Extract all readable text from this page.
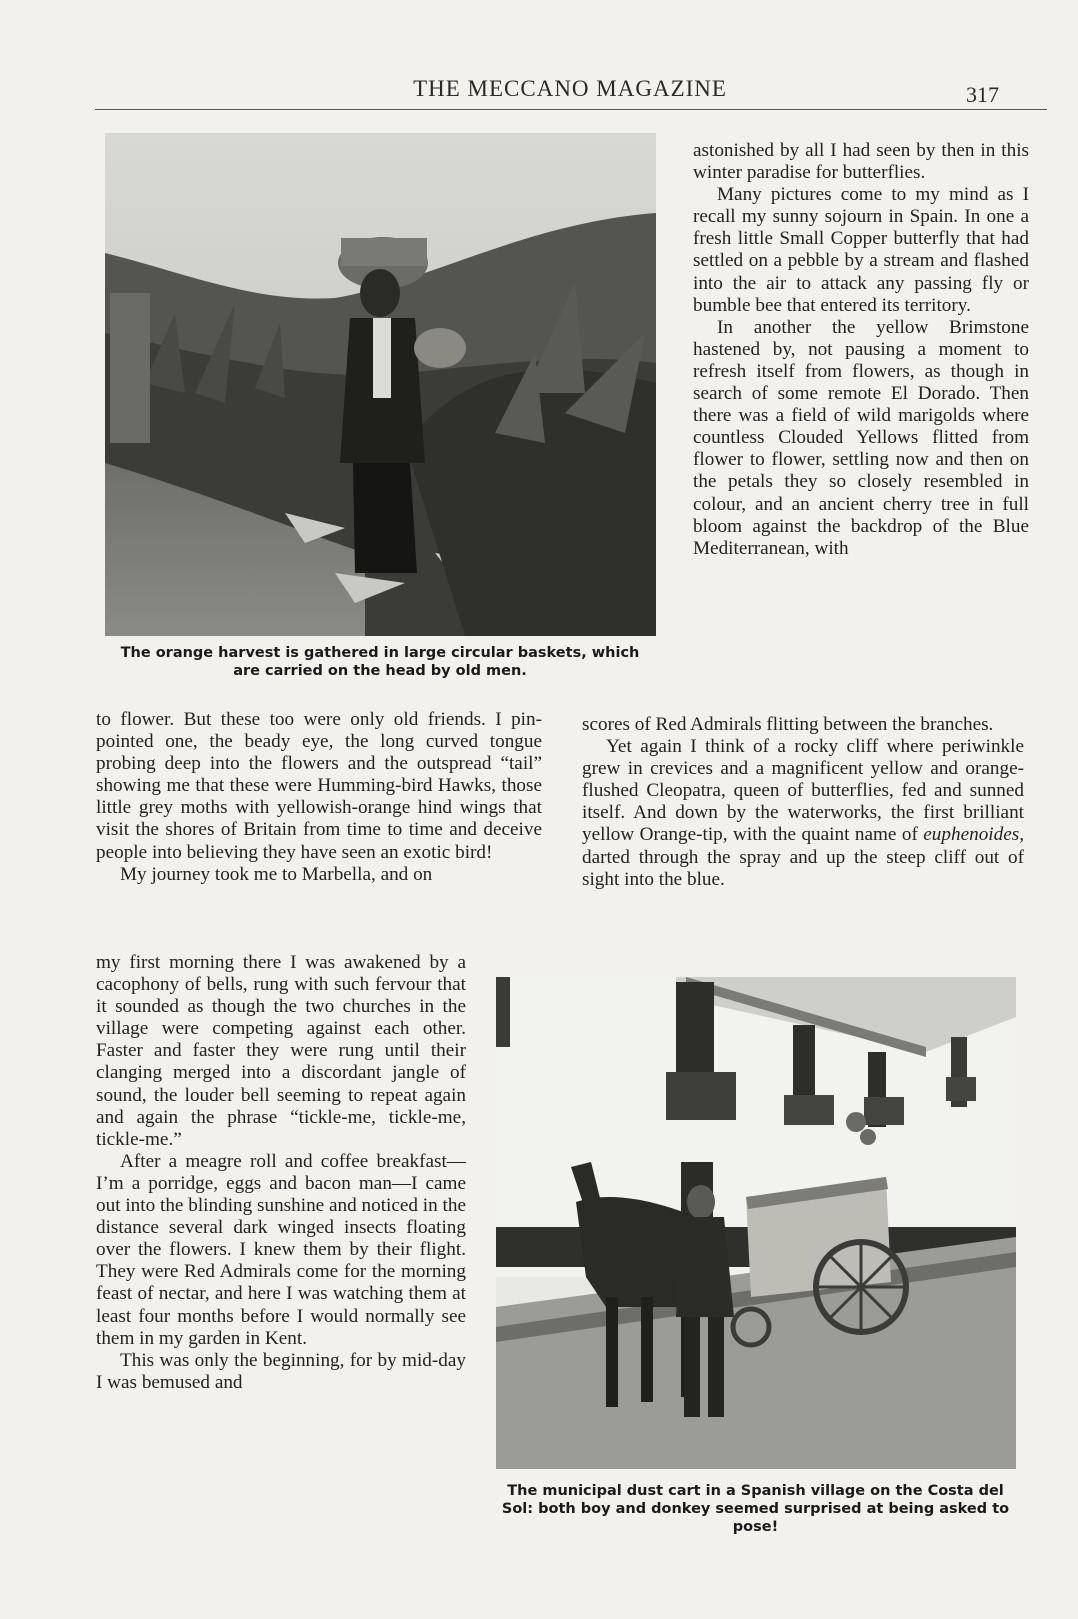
THE MECCANO MAGAZINE	317
The orange harvest is gathered in large circular baskets, which
are carried on the head by old men.

astonished by all I had seen by then in this winter paradise for butterflies.

Many pictures come to my mind as I recall my sunny sojourn in Spain. In one a fresh little Small Copper butterfly that had settled on a pebble by a stream and flashed into the air to attack any passing fly or bumble bee that entered its territory.

In another the yellow Brimstone hastened by, not pausing a moment to refresh itself from flowers, as though in search of some remote El Dorado. Then there was a field of wild marigolds where countless Clouded Yellows flitted from flower to flower, settling now and then on the petals they so closely resembled in colour, and an ancient cherry tree in full bloom against the backdrop of the Blue Mediterranean, with

scores of Red Admirals flitting between the branches.

Yet again I think of a rocky cliff where periwinkle grew in crevices and a magnificent yellow and orange-flushed Cleopatra, queen of butterflies, fed and sunned itself. And down by the waterworks, the first brilliant yellow Orange-tip, with the quaint name of euphenoides, darted through the spray and up the steep cliff out of sight into the blue.

to flower. But these too were only old friends. I pin-pointed one, the beady eye, the long curved tongue probing deep into the flowers and the outspread “tail” showing me that these were Humming-bird Hawks, those little grey moths with yellowish-orange hind wings that visit the shores of Britain from time to time and deceive people into believing they have seen an exotic bird!

My journey took me to Marbella, and on

my first morning there I was awakened by a cacophony of bells, rung with such fervour that it sounded as though the two churches in the village were competing against each other. Faster and faster they were rung until their clanging merged into a discordant jangle of sound, the louder bell seeming to repeat again and again the phrase “tickle-me, tickle-me, tickle-me.”

After a meagre roll and coffee breakfast—I’m a porridge, eggs and bacon man—I came out into the blinding sunshine and noticed in the distance several dark winged insects floating over the flowers. I knew them by their flight. They were Red Admirals come for the morning feast of nectar, and here I was watching them at least four months before I would normally see them in my garden in Kent.

This was only the beginning, for by mid-day I was bemused and

The municipal dust cart in a Spanish village on the Costa del
Sol: both boy and donkey seemed surprised at being asked to pose!
